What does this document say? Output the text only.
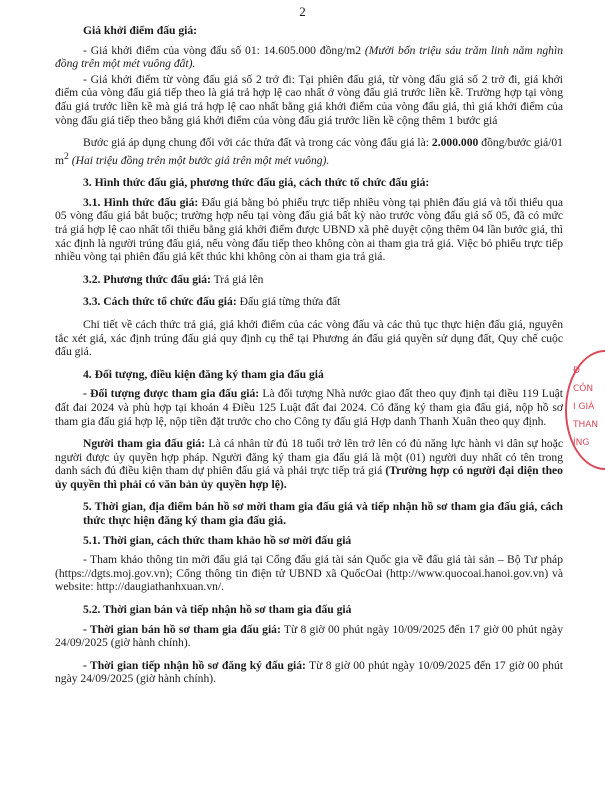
2
Đ
CÔN
I GIÁ
THAN
ÍNG
Giá khởi điểm đấu giá:

- Giá khởi điểm của vòng đấu số 01: 14.605.000 đồng/m2 (Mười bốn triệu sáu trăm linh năm nghìn đồng trên một mét vuông đất).

- Giá khởi điểm từ vòng đấu giá số 2 trở đi: Tại phiên đấu giá, từ vòng đấu giá số 2 trở đi, giá khởi điểm của vòng đấu giá tiếp theo là giá trả hợp lệ cao nhất ở vòng đấu giá trước liền kề. Trường hợp tại vòng đấu giá trước liền kề mà giá trả hợp lệ cao nhất bằng giá khởi điểm của vòng đấu giá, thì giá khởi điểm của vòng đấu giá tiếp theo bằng giá khởi điểm của vòng đấu giá trước liền kề cộng thêm 1 bước giá

Bước giá áp dụng chung đối với các thửa đất và trong các vòng đấu giá là: 2.000.000 đồng/bước giá/01 $m^2$ (Hai triệu đồng trên một bước giá trên một mét vuông).

3. Hình thức đấu giá, phương thức đấu giá, cách thức tổ chức đấu giá:

3.1. Hình thức đấu giá: Đấu giá bằng bỏ phiếu trực tiếp nhiều vòng tại phiên đấu giá và tối thiểu qua 05 vòng đấu giá bắt buộc; trường hợp nếu tại vòng đấu giá bất kỳ nào trước vòng đấu giá số 05, đã có mức trả giá hợp lệ cao nhất tối thiểu bằng giá khởi điểm được UBND xã phê duyệt cộng thêm 04 lần bước giá, thì xác định là người trúng đấu giá, nếu vòng đấu tiếp theo không còn ai tham gia trả giá. Việc bỏ phiếu trực tiếp nhiều vòng tại phiên đấu giá kết thúc khi không còn ai tham gia trả giá.

3.2. Phương thức đấu giá: Trả giá lên

3.3. Cách thức tổ chức đấu giá: Đấu giá từng thửa đất

Chi tiết về cách thức trả giá, giá khởi điểm của các vòng đấu và các thủ tục thực hiện đấu giá, nguyên tắc xét giá, xác định trúng đấu giá quy định cụ thể tại Phương án đấu giá quyền sử dụng đất, Quy chế cuộc đấu giá.

4. Đối tượng, điều kiện đăng ký tham gia đấu giá

- Đối tượng được tham gia đấu giá: Là đối tượng Nhà nước giao đất theo quy định tại điều 119 Luật đất đai 2024 và phù hợp tại khoản 4 Điều 125 Luật đất đai 2024. Có đăng ký tham gia đấu giá, nộp hồ sơ tham gia đấu giá hợp lệ, nộp tiền đặt trước cho cho Công ty đấu giá Hợp danh Thanh Xuân theo quy định.

Người tham gia đấu giá: Là cá nhân từ đủ 18 tuổi trở lên trở lên có đủ năng lực hành vi dân sự hoặc người được ủy quyền hợp pháp. Người đăng ký tham gia đấu giá là một (01) người duy nhất có tên trong danh sách đủ điều kiện tham dự phiên đấu giá và phải trực tiếp trả giá (Trường hợp có người đại diện theo ủy quyền thì phải có văn bản ủy quyền hợp lệ).

5. Thời gian, địa điểm bán hồ sơ mời tham gia đấu giá và tiếp nhận hồ sơ tham gia đấu giá, cách thức thực hiện đăng ký tham gia đấu giá.
5.1. Thời gian, cách thức tham khảo hồ sơ mời đấu giá

- Tham khảo thông tin mời đấu giá tại Cổng đấu giá tài sản Quốc gia về đấu giá tài sản – Bộ Tư pháp (https://dgts.moj.gov.vn); Cổng thông tin điện tử UBND xã QuốcOai (http://www.quocoai.hanoi.gov.vn) và website: http://daugiathanhxuan.vn/.

5.2. Thời gian bán và tiếp nhận hồ sơ tham gia đấu giá

- Thời gian bán hồ sơ tham gia đấu giá: Từ 8 giờ 00 phút ngày 10/09/2025 đến 17 giờ 00 phút ngày 24/09/2025 (giờ hành chính).

- Thời gian tiếp nhận hồ sơ đăng ký đấu giá: Từ 8 giờ 00 phút ngày 10/09/2025 đến 17 giờ 00 phút ngày 24/09/2025 (giờ hành chính).
